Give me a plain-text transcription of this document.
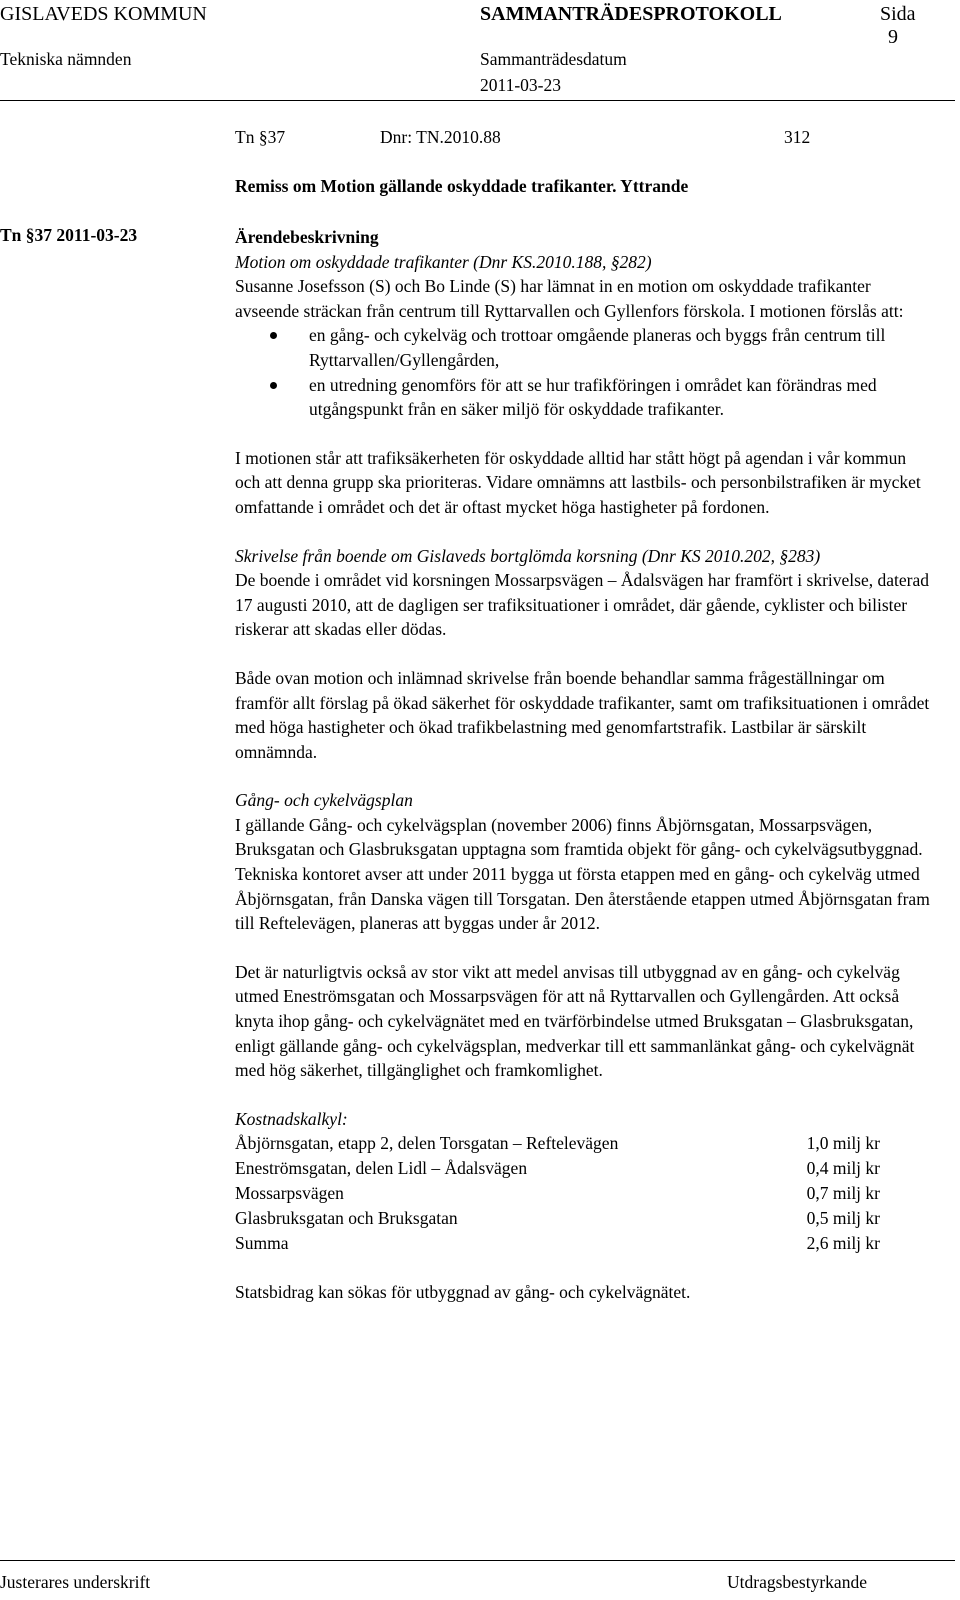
GISLAVEDS KOMMUN	SAMMANTRÄDESPROTOKOLL	Sida
9
Tekniska nämnden	Sammanträdesdatum
2011-03-23
Tn §37	Dnr: TN.2010.88	312
Remiss om Motion gällande oskyddade trafikanter. Yttrande
Tn §37 2011-03-23	Ärendebeskrivning

Motion om oskyddade trafikanter (Dnr KS.2010.188, §282)

Susanne Josefsson (S) och Bo Linde (S) har lämnat in en motion om oskyddade trafikanter avseende sträckan från centrum till Ryttarvallen och Gyllenfors förskola. I motionen förslås att:

en gång- och cykelväg och trottoar omgående planeras och byggs från centrum till Ryttarvallen/Gyllengården,
en utredning genomförs för att se hur trafikföringen i området kan förändras med utgångspunkt från en säker miljö för oskyddade trafikanter.

I motionen står att trafiksäkerheten för oskyddade alltid har stått högt på agendan i vår kommun och att denna grupp ska prioriteras. Vidare omnämns att lastbils- och personbilstrafiken är mycket omfattande i området och det är oftast mycket höga hastigheter på fordonen.

Skrivelse från boende om Gislaveds bortglömda korsning (Dnr KS 2010.202, §283)

De boende i området vid korsningen Mossarpsvägen – Ådalsvägen har framfört i skrivelse, daterad 17 augusti 2010, att de dagligen ser trafiksituationer i området, där gående, cyklister och bilister riskerar att skadas eller dödas.

Både ovan motion och inlämnad skrivelse från boende behandlar samma frågeställningar om framför allt förslag på ökad säkerhet för oskyddade trafikanter, samt om trafiksituationen i området med höga hastigheter och ökad trafikbelastning med genomfartstrafik. Lastbilar är särskilt omnämnda.

Gång- och cykelvägsplan

I gällande Gång- och cykelvägsplan (november 2006) finns Åbjörnsgatan, Mossarpsvägen, Bruksgatan och Glasbruksgatan upptagna som framtida objekt för gång- och cykelvägsutbyggnad. Tekniska kontoret avser att under 2011 bygga ut första etappen med en gång- och cykelväg utmed Åbjörnsgatan, från Danska vägen till Torsgatan. Den återstående etappen utmed Åbjörnsgatan fram till Reftelevägen, planeras att byggas under år 2012.

Det är naturligtvis också av stor vikt att medel anvisas till utbyggnad av en gång- och cykelväg utmed Eneströmsgatan och Mossarpsvägen för att nå Ryttarvallen och Gyllengården. Att också knyta ihop gång- och cykelvägnätet med en tvärförbindelse utmed Bruksgatan – Glasbruksgatan, enligt gällande gång- och cykelvägsplan, medverkar till ett sammanlänkat gång- och cykelvägnät med hög säkerhet, tillgänglighet och framkomlighet.

Kostnadskalkyl:

Åbjörnsgatan, etapp 2, delen Torsgatan – Reftelevägen	1,0 milj kr
Eneströmsgatan, delen Lidl – Ådalsvägen	0,4 milj kr
Mossarpsvägen	0,7 milj kr
Glasbruksgatan och Bruksgatan	0,5 milj kr
Summa	2,6 milj kr

Statsbidrag kan sökas för utbyggnad av gång- och cykelvägnätet.

Justerares underskrift	Utdragsbestyrkande
